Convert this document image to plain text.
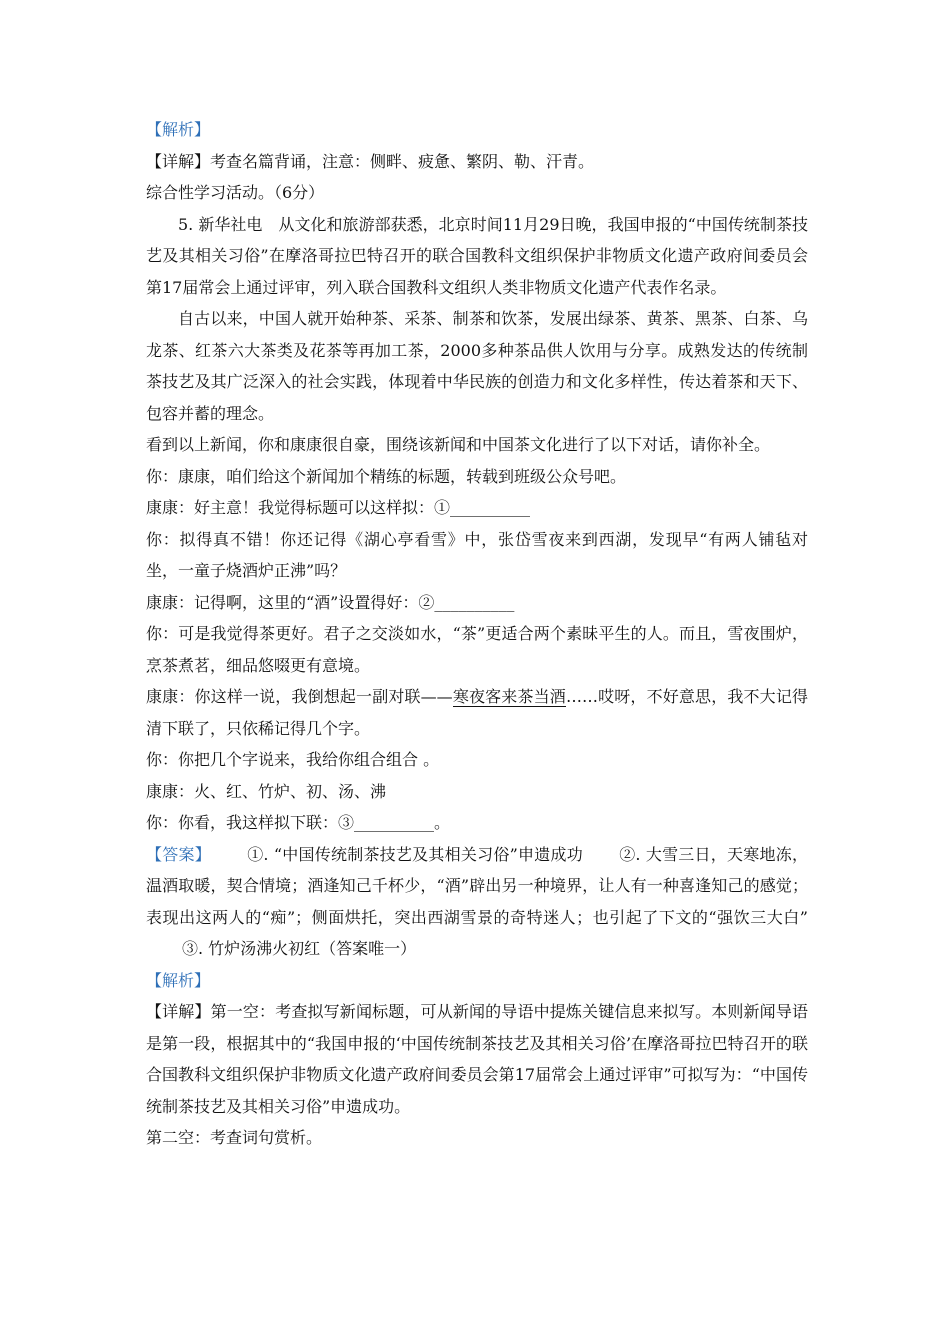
【解析】

【详解】考查名篇背诵，注意：侧畔、疲惫、繁阴、勒、汗青。

综合性学习活动。（6分）

5. 新华社电　从文化和旅游部获悉，北京时间11月29日晚，我国申报的“中国传统制茶技艺及其相关习俗”在摩洛哥拉巴特召开的联合国教科文组织保护非物质文化遗产政府间委员会第17届常会上通过评审，列入联合国教科文组织人类非物质文化遗产代表作名录。

自古以来，中国人就开始种茶、采茶、制茶和饮茶，发展出绿茶、黄茶、黑茶、白茶、乌龙茶、红茶六大茶类及花茶等再加工茶，2000多种茶品供人饮用与分享。成熟发达的传统制茶技艺及其广泛深入的社会实践，体现着中华民族的创造力和文化多样性，传达着茶和天下、包容并蓄的理念。

看到以上新闻，你和康康很自豪，围绕该新闻和中国茶文化进行了以下对话，请你补全。

你：康康，咱们给这个新闻加个精练的标题，转载到班级公众号吧。

康康：好主意！我觉得标题可以这样拟：①__________

你：拟得真不错！你还记得《湖心亭看雪》中，张岱雪夜来到西湖，发现早“有两人铺毡对坐，一童子烧酒炉正沸”吗？

康康：记得啊，这里的“酒”设置得好：②__________

你：可是我觉得茶更好。君子之交淡如水，“茶”更适合两个素昧平生的人。而且，雪夜围炉，烹茶煮茗，细品悠啜更有意境。

康康：你这样一说，我倒想起一副对联——寒夜客来茶当酒……哎呀，不好意思，我不大记得清下联了，只依稀记得几个字。

你：你把几个字说来，我给你组合组合 。

康康：火、红、竹炉、初、汤、沸

你：你看，我这样拟下联：③__________。

【答案】 ①. “中国传统制茶技艺及其相关习俗”申遗成功 ②. 大雪三日，天寒地冻，温酒取暖，契合情境；酒逢知己千杯少，“酒”辟出另一种境界，让人有一种喜逢知己的感觉；表现出这两人的“痴”；侧面烘托，突出西湖雪景的奇特迷人；也引起了下文的“强饮三大白”③. 竹炉汤沸火初红（答案唯一）

【解析】

【详解】第一空：考查拟写新闻标题，可从新闻的导语中提炼关键信息来拟写。本则新闻导语是第一段，根据其中的“我国申报的‘中国传统制茶技艺及其相关习俗’在摩洛哥拉巴特召开的联合国教科文组织保护非物质文化遗产政府间委员会第17届常会上通过评审”可拟写为：“中国传统制茶技艺及其相关习俗”申遗成功。

第二空：考查词句赏析。
